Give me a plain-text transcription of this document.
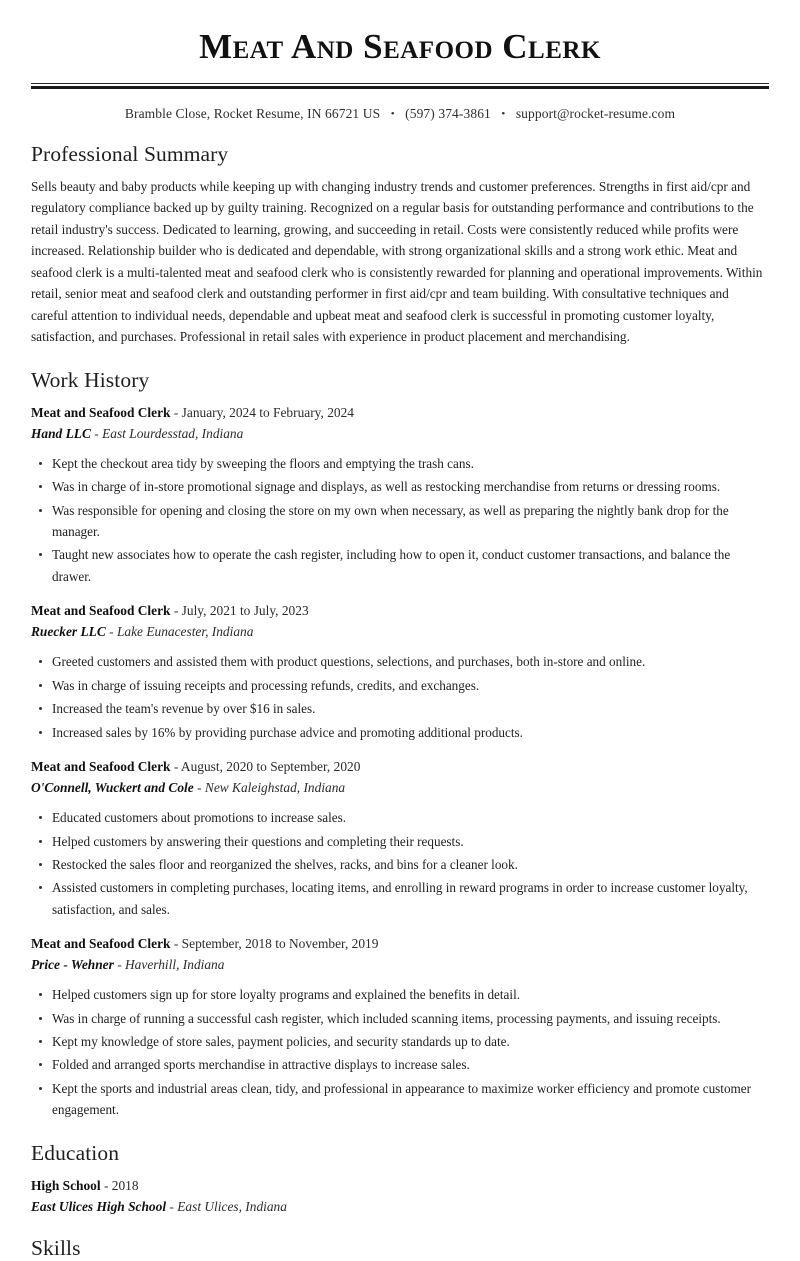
Meat And Seafood Clerk
Bramble Close, Rocket Resume, IN 66721 US • (597) 374-3861 • support@rocket-resume.com
Professional Summary

Sells beauty and baby products while keeping up with changing industry trends and customer preferences. Strengths in first aid/cpr and regulatory compliance backed up by guilty training. Recognized on a regular basis for outstanding performance and contributions to the retail industry's success. Dedicated to learning, growing, and succeeding in retail. Costs were consistently reduced while profits were increased. Relationship builder who is dedicated and dependable, with strong organizational skills and a strong work ethic. Meat and seafood clerk is a multi-talented meat and seafood clerk who is consistently rewarded for planning and operational improvements. Within retail, senior meat and seafood clerk and outstanding performer in first aid/cpr and team building. With consultative techniques and careful attention to individual needs, dependable and upbeat meat and seafood clerk is successful in promoting customer loyalty, satisfaction, and purchases. Professional in retail sales with experience in product placement and merchandising.

Work History
Meat and Seafood Clerk - January, 2024 to February, 2024
Hand LLC - East Lourdesstad, Indiana
Kept the checkout area tidy by sweeping the floors and emptying the trash cans.
Was in charge of in-store promotional signage and displays, as well as restocking merchandise from returns or dressing rooms.
Was responsible for opening and closing the store on my own when necessary, as well as preparing the nightly bank drop for the manager.
Taught new associates how to operate the cash register, including how to open it, conduct customer transactions, and balance the drawer.
Meat and Seafood Clerk - July, 2021 to July, 2023
Ruecker LLC - Lake Eunacester, Indiana
Greeted customers and assisted them with product questions, selections, and purchases, both in-store and online.
Was in charge of issuing receipts and processing refunds, credits, and exchanges.
Increased the team's revenue by over $16 in sales.
Increased sales by 16% by providing purchase advice and promoting additional products.
Meat and Seafood Clerk - August, 2020 to September, 2020
O'Connell, Wuckert and Cole - New Kaleighstad, Indiana
Educated customers about promotions to increase sales.
Helped customers by answering their questions and completing their requests.
Restocked the sales floor and reorganized the shelves, racks, and bins for a cleaner look.
Assisted customers in completing purchases, locating items, and enrolling in reward programs in order to increase customer loyalty, satisfaction, and sales.
Meat and Seafood Clerk - September, 2018 to November, 2019
Price - Wehner - Haverhill, Indiana
Helped customers sign up for store loyalty programs and explained the benefits in detail.
Was in charge of running a successful cash register, which included scanning items, processing payments, and issuing receipts.
Kept my knowledge of store sales, payment policies, and security standards up to date.
Folded and arranged sports merchandise in attractive displays to increase sales.
Kept the sports and industrial areas clean, tidy, and professional in appearance to maximize worker efficiency and promote customer engagement.
Education
High School - 2018
East Ulices High School - East Ulices, Indiana
Skills
